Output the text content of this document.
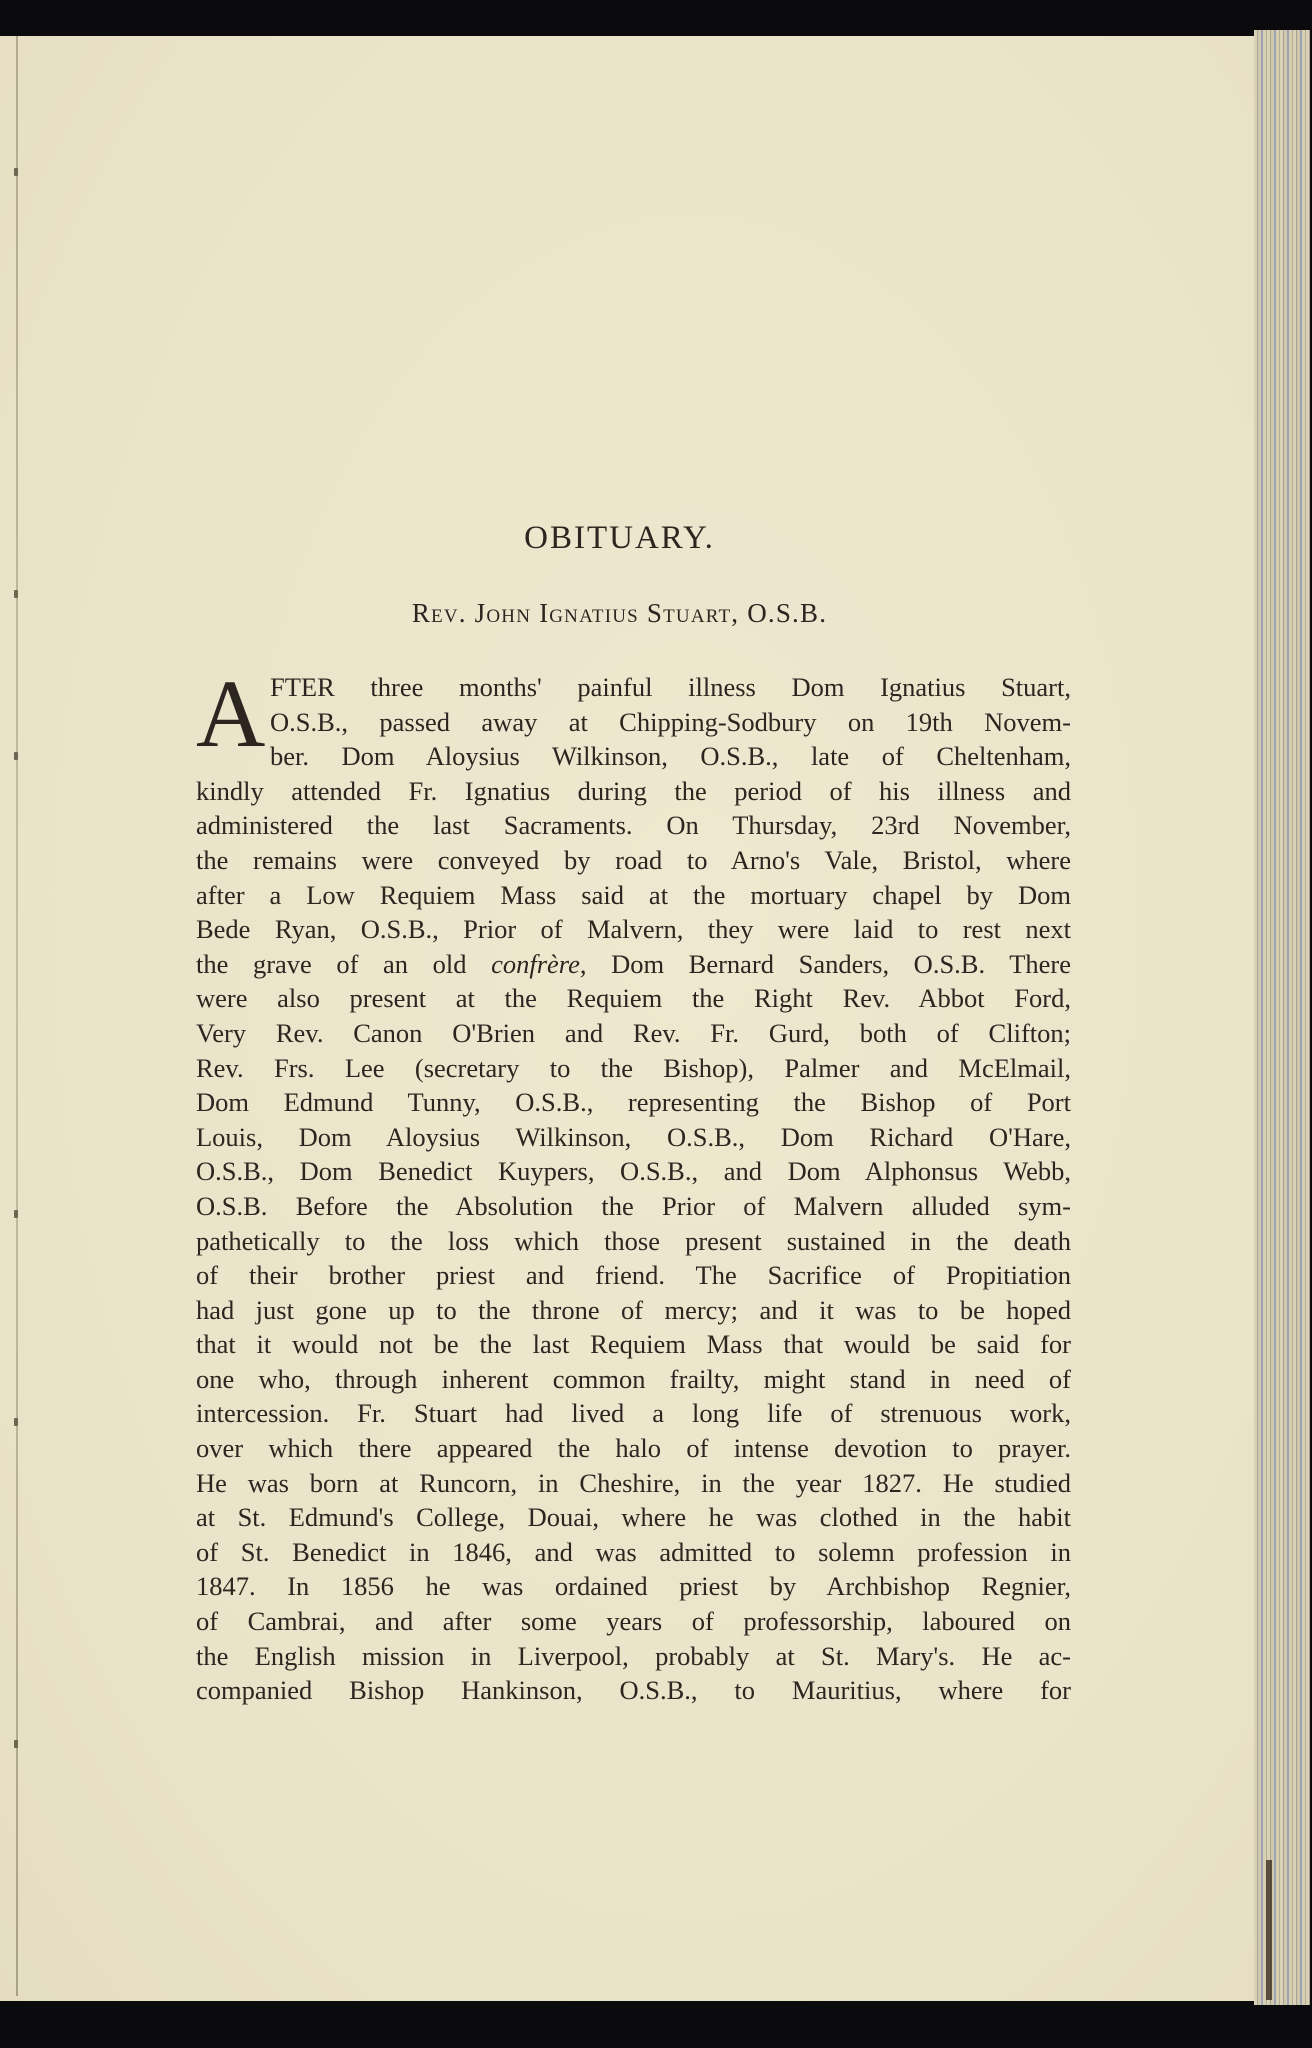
OBITUARY.
Rev. John Ignatius Stuart, O.S.B.
A FTER three months' painful illness Dom Ignatius Stuart,
O.S.B., passed away at Chipping-Sodbury on 19th Novem-
ber. Dom Aloysius Wilkinson, O.S.B., late of Cheltenham,
kindly attended Fr. Ignatius during the period of his illness and
administered the last Sacraments. On Thursday, 23rd November,
the remains were conveyed by road to Arno's Vale, Bristol, where
after a Low Requiem Mass said at the mortuary chapel by Dom
Bede Ryan, O.S.B., Prior of Malvern, they were laid to rest next
the grave of an old confrère, Dom Bernard Sanders, O.S.B. There
were also present at the Requiem the Right Rev. Abbot Ford,
Very Rev. Canon O'Brien and Rev. Fr. Gurd, both of Clifton;
Rev. Frs. Lee (secretary to the Bishop), Palmer and McElmail,
Dom Edmund Tunny, O.S.B., representing the Bishop of Port
Louis, Dom Aloysius Wilkinson, O.S.B., Dom Richard O'Hare,
O.S.B., Dom Benedict Kuypers, O.S.B., and Dom Alphonsus Webb,
O.S.B. Before the Absolution the Prior of Malvern alluded sym-
pathetically to the loss which those present sustained in the death
of their brother priest and friend. The Sacrifice of Propitiation
had just gone up to the throne of mercy; and it was to be hoped
that it would not be the last Requiem Mass that would be said for
one who, through inherent common frailty, might stand in need of
intercession. Fr. Stuart had lived a long life of strenuous work,
over which there appeared the halo of intense devotion to prayer.
He was born at Runcorn, in Cheshire, in the year 1827. He studied
at St. Edmund's College, Douai, where he was clothed in the habit
of St. Benedict in 1846, and was admitted to solemn profession in
1847. In 1856 he was ordained priest by Archbishop Regnier,
of Cambrai, and after some years of professorship, laboured on
the English mission in Liverpool, probably at St. Mary's. He ac-
companied Bishop Hankinson, O.S.B., to Mauritius, where for
